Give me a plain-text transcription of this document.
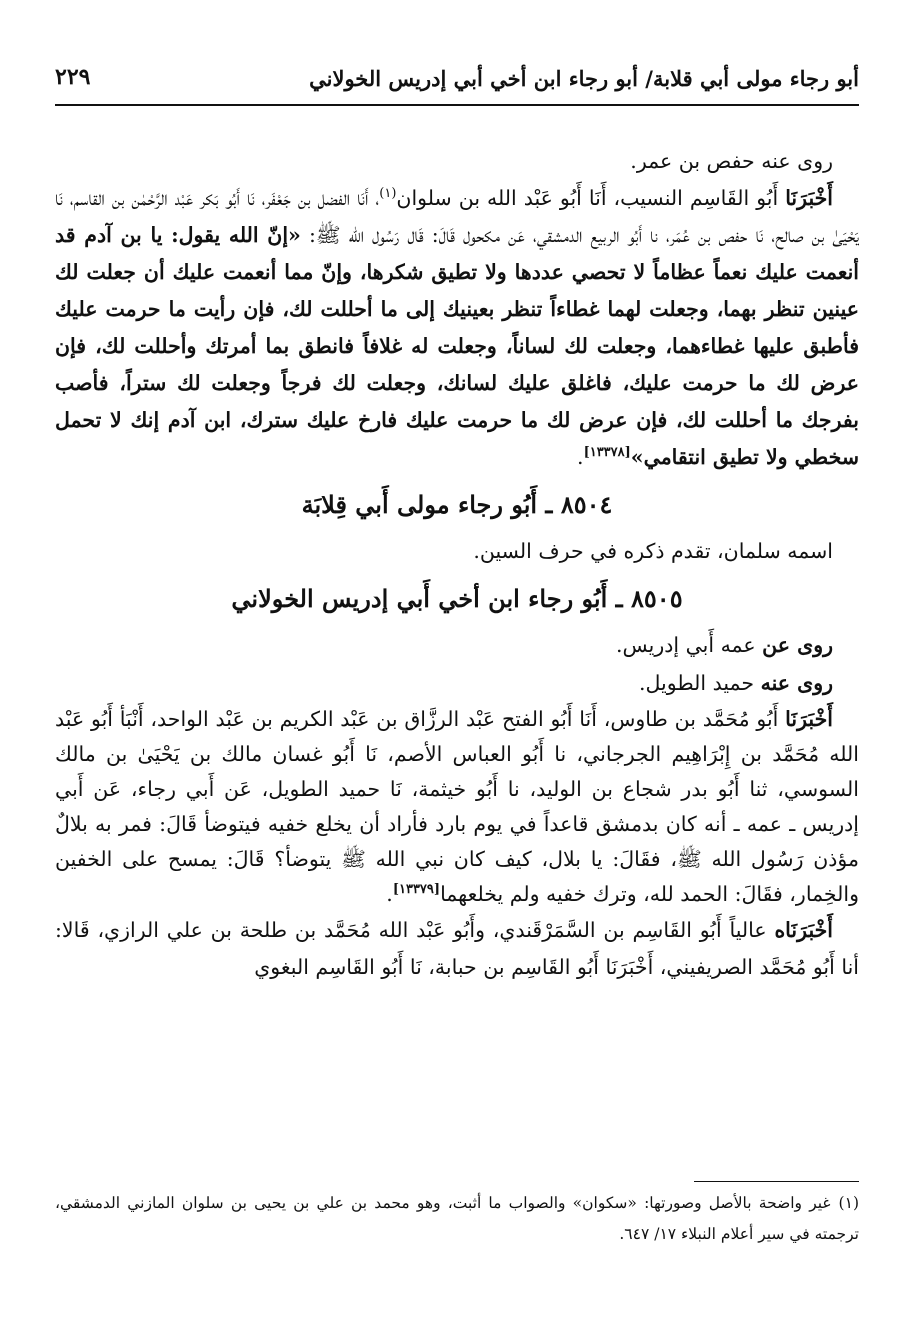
أبو رجاء مولى أبي قلابة/ أبو رجاء ابن أخي أبي إدريس الخولاني
٢٢٩

روى عنه حفص بن عمر.

أَخْبَرَنَا أَبُو القَاسِم النسيب، أَنَا أَبُو عَبْد الله بن سلوان$^{(١)}$، أَنَا الفضل بن جَعْفَر، نَا أَبُو بَكر عَبْد الرَّحْمٰن بن القاسم، نَا يَحْيَىٰ بن صالح، نَا حفص بن عُمَر، نا أَبُو الربيع الدمشقي، عَن مكحول قَالَ: قَال رَسُول الله ﷺ: «إنّ الله يقول: يا بن آدم قد أنعمت عليك نعماً عظاماً لا تحصي عددها ولا تطيق شكرها، وإنّ مما أنعمت عليك أن جعلت لك عينين تنظر بهما، وجعلت لهما غطاءاً تنظر بعينيك إلى ما أحللت لك، فإن رأيت ما حرمت عليك فأطبق عليها غطاءهما، وجعلت لك لساناً، وجعلت له غلافاً فانطق بما أمرتك وأحللت لك، فإن عرض لك ما حرمت عليك، فاغلق عليك لسانك، وجعلت لك فرجاً وجعلت لك ستراً، فأصب بفرجك ما أحللت لك، فإن عرض لك ما حرمت عليك فارخ عليك سترك، ابن آدم إنك لا تحمل سخطي ولا تطيق انتقامي»[١٣٣٧٨].

٨٥٠٤ ـ أَبُو رجاء مولى أَبي قِلابَة

اسمه سلمان، تقدم ذكره في حرف السين.

٨٥٠٥ ـ أَبُو رجاء ابن أخي أَبي إدريس الخولاني

روى عن عمه أَبي إدريس.

روى عنه حميد الطويل.

أَخْبَرَنَا أَبُو مُحَمَّد بن طاوس، أَنَا أَبُو الفتح عَبْد الرزَّاق بن عَبْد الكريم بن عَبْد الواحد، أَنْبَأ أَبُو عَبْد الله مُحَمَّد بن إِبْرَاهِيم الجرجاني، نا أَبُو العباس الأصم، نَا أَبُو غسان مالك بن يَحْيَىٰ بن مالك السوسي، ثنا أَبُو بدر شجاع بن الوليد، نا أَبُو خيثمة، نَا حميد الطويل، عَن أَبي رجاء، عَن أَبي إدريس ـ عمه ـ أنه كان بدمشق قاعداً في يوم بارد فأراد أن يخلع خفيه فيتوضأ قَالَ: فمر به بلالٌ مؤذن رَسُول الله ﷺ، فقَالَ: يا بلال، كيف كان نبي الله ﷺ يتوضأ؟ قَالَ: يمسح على الخفين والخِمار، فقَالَ: الحمد لله، وترك خفيه ولم يخلعهما[١٣٣٧٩].

أَخْبَرَنَاه عالياً أَبُو القَاسِم بن السَّمَرْقَندي، وأَبُو عَبْد الله مُحَمَّد بن طلحة بن علي الرازي، قَالا: أنا أَبُو مُحَمَّد الصريفيني، أَخْبَرَنَا أَبُو القَاسِم بن حبابة، نَا أَبُو القَاسِم البغوي

(١)غير واضحة بالأصل وصورتها: «سكوان» والصواب ما أثبت، وهو محمد بن علي بن يحيى بن سلوان المازني الدمشقي، ترجمته في سير أعلام النبلاء ١٧/ ٦٤٧.
